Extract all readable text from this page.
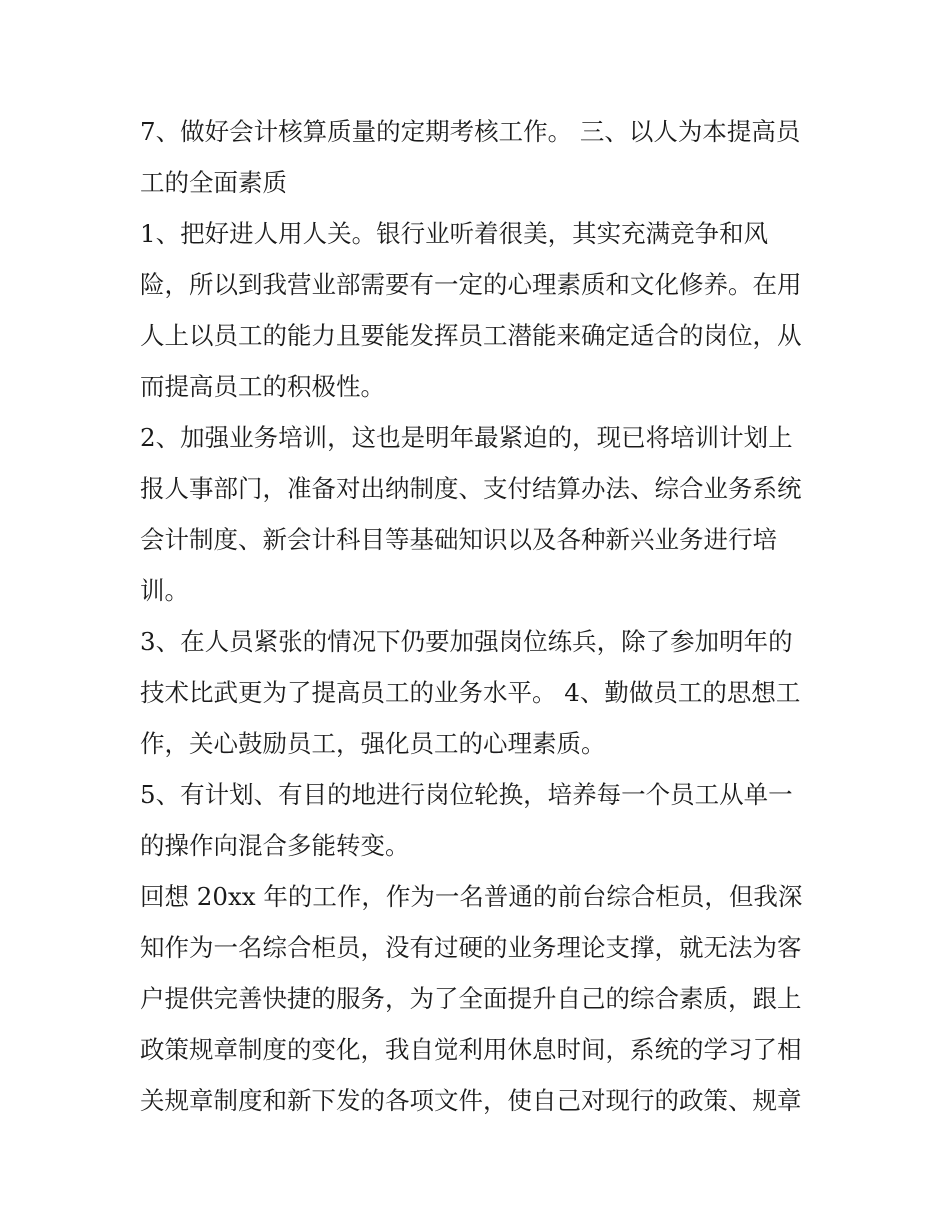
7、做好会计核算质量的定期考核工作。 三、以人为本提高员
工的全面素质
1、把好进人用人关。银行业听着很美，其实充满竞争和风
险，所以到我营业部需要有一定的心理素质和文化修养。在用
人上以员工的能力且要能发挥员工潜能来确定适合的岗位，从
而提高员工的积极性。
2、加强业务培训，这也是明年最紧迫的，现已将培训计划上
报人事部门，准备对出纳制度、支付结算办法、综合业务系统
会计制度、新会计科目等基础知识以及各种新兴业务进行培
训。
3、在人员紧张的情况下仍要加强岗位练兵，除了参加明年的
技术比武更为了提高员工的业务水平。 4、勤做员工的思想工
作，关心鼓励员工，强化员工的心理素质。
5、有计划、有目的地进行岗位轮换，培养每一个员工从单一
的操作向混合多能转变。
回想 20xx 年的工作，作为一名普通的前台综合柜员，但我深
知作为一名综合柜员，没有过硬的业务理论支撑，就无法为客
户提供完善快捷的服务，为了全面提升自己的综合素质，跟上
政策规章制度的变化，我自觉利用休息时间，系统的学习了相
关规章制度和新下发的各项文件，使自己对现行的政策、规章
